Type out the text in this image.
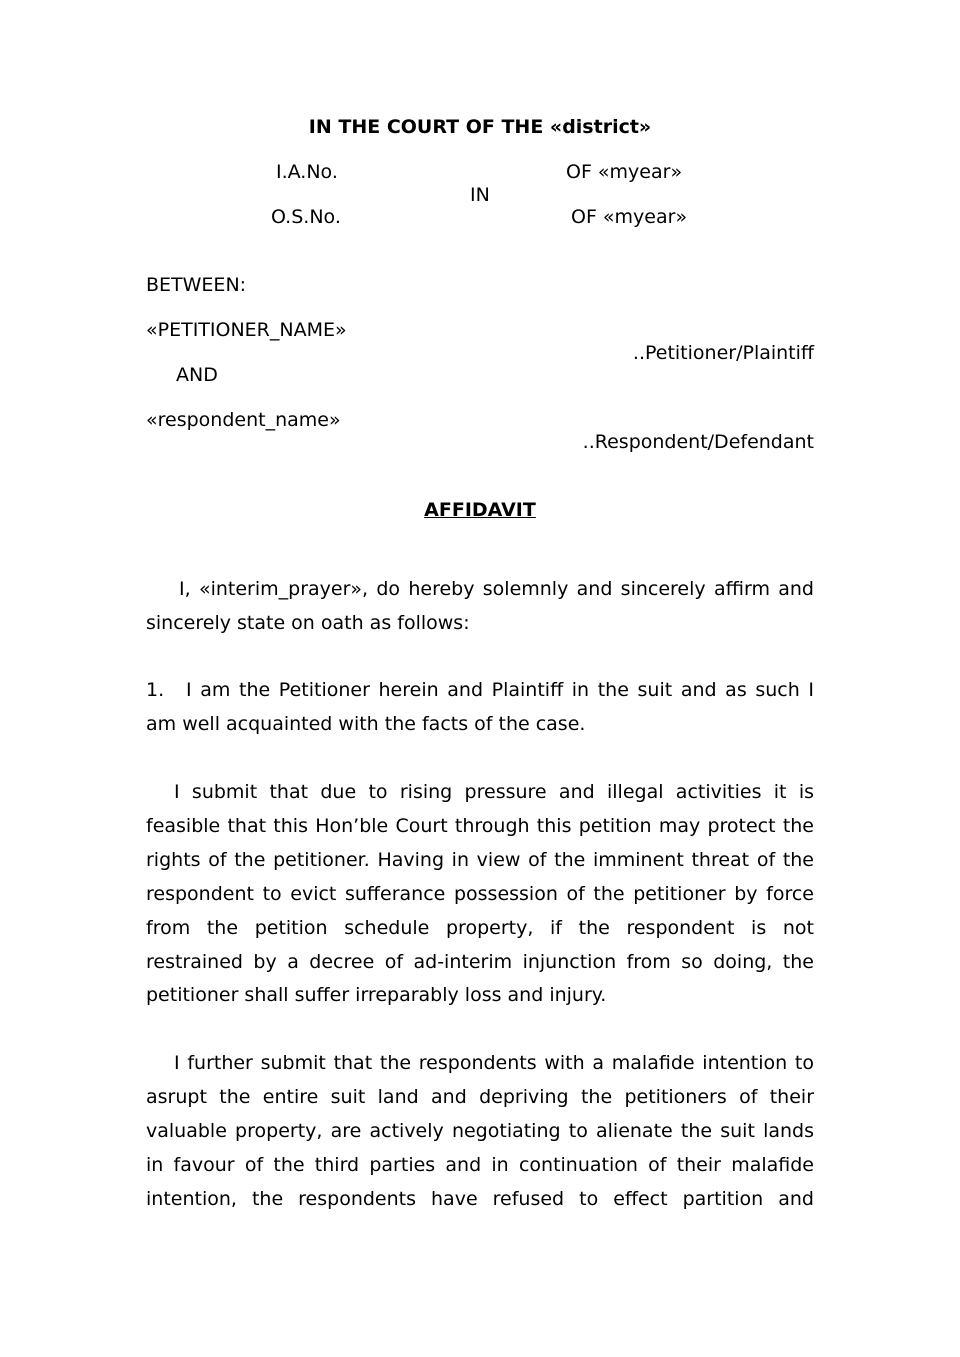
IN THE COURT OF THE «district»
I.A.No.	OF «myear»
IN
O.S.No.	OF «myear»
BETWEEN:
«PETITIONER_NAME»
..Petitioner/Plaintiff
AND
«respondent_name»
..Respondent/Defendant
AFFIDAVIT

I, «interim_prayer», do hereby solemnly and sincerely affirm and sincerely state on oath as follows:

1. I am the Petitioner herein and Plaintiff in the suit and as such I am well acquainted with the facts of the case.

I submit that due to rising pressure and illegal activities it is feasible that this Hon’ble Court through this petition may protect the rights of the petitioner. Having in view of the imminent threat of the respondent to evict sufferance possession of the petitioner by force from the petition schedule property, if the respondent is not restrained by a decree of ad-interim injunction from so doing, the petitioner shall suffer irreparably loss and injury.

I further submit that the respondents with a malafide intention to asrupt the entire suit land and depriving the petitioners of their valuable property, are actively negotiating to alienate the suit lands in favour of the third parties and in continuation of their malafide intention, the respondents have refused to effect partition and
